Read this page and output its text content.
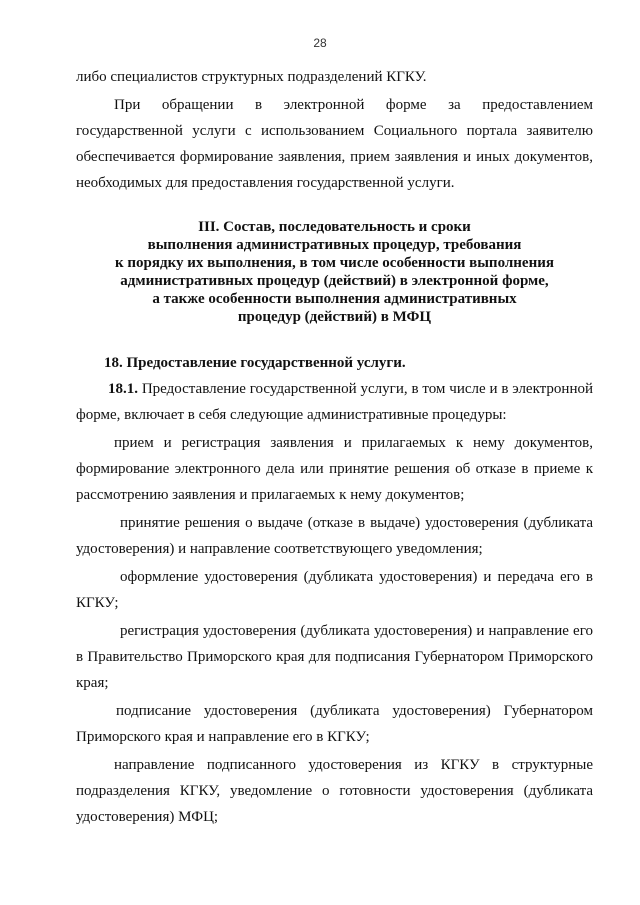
28

либо специалистов структурных подразделений КГКУ.

При обращении в электронной форме за предоставлением государственной услуги с использованием Социального портала заявителю обеспечивается формирование заявления, прием заявления и иных документов, необходимых для предоставления государственной услуги.

III. Состав, последовательность и сроки
выполнения административных процедур, требования
к порядку их выполнения, в том числе особенности выполнения
административных процедур (действий) в электронной форме,
а также особенности выполнения административных
процедур (действий) в МФЦ

18. Предоставление государственной услуги.

18.1. Предоставление государственной услуги, в том числе и в электронной форме, включает в себя следующие административные процедуры:

прием и регистрация заявления и прилагаемых к нему документов, формирование электронного дела или принятие решения об отказе в приеме к рассмотрению заявления и прилагаемых к нему документов;

принятие решения о выдаче (отказе в выдаче) удостоверения (дубликата удостоверения) и направление соответствующего уведомления;

оформление удостоверения (дубликата удостоверения) и передача его в КГКУ;

регистрация удостоверения (дубликата удостоверения) и направление его в Правительство Приморского края для подписания Губернатором Приморского края;

подписание удостоверения (дубликата удостоверения) Губернатором Приморского края и направление его в КГКУ;

направление подписанного удостоверения из КГКУ в структурные подразделения КГКУ, уведомление о готовности удостоверения (дубликата удостоверения) МФЦ;
